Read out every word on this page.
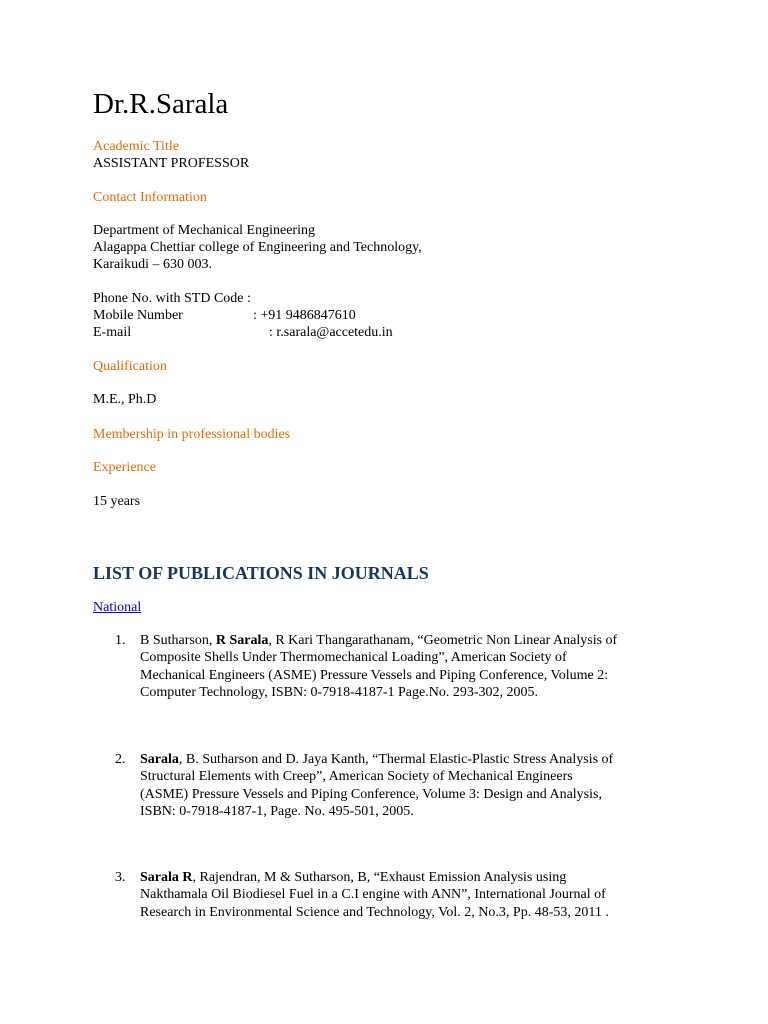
Dr.R.Sarala
Academic Title
ASSISTANT PROFESSOR
Contact Information
Department of Mechanical Engineering
Alagappa Chettiar college of Engineering and Technology,
Karaikudi – 630 003.
Phone No. with STD Code :
Mobile Number	: +91 9486847610
E-mail	: r.sarala@accetedu.in
Qualification
M.E., Ph.D
Membership in professional bodies
Experience
15 years
LIST OF PUBLICATIONS IN JOURNALS
National
1. B Sutharson, R Sarala, R Kari Thangarathanam, “Geometric Non Linear Analysis of
Composite Shells Under Thermomechanical Loading”, American Society of
Mechanical Engineers (ASME) Pressure Vessels and Piping Conference, Volume 2:
Computer Technology, ISBN: 0-7918-4187-1 Page.No. 293-302, 2005.
2. Sarala, B. Sutharson and D. Jaya Kanth, “Thermal Elastic-Plastic Stress Analysis of
Structural Elements with Creep”, American Society of Mechanical Engineers
(ASME) Pressure Vessels and Piping Conference, Volume 3: Design and Analysis,
ISBN: 0-7918-4187-1, Page. No. 495-501, 2005.
3. Sarala R, Rajendran, M & Sutharson, B, “Exhaust Emission Analysis using
Nakthamala Oil Biodiesel Fuel in a C.I engine with ANN”, International Journal of
Research in Environmental Science and Technology, Vol. 2, No.3, Pp. 48-53, 2011 .
